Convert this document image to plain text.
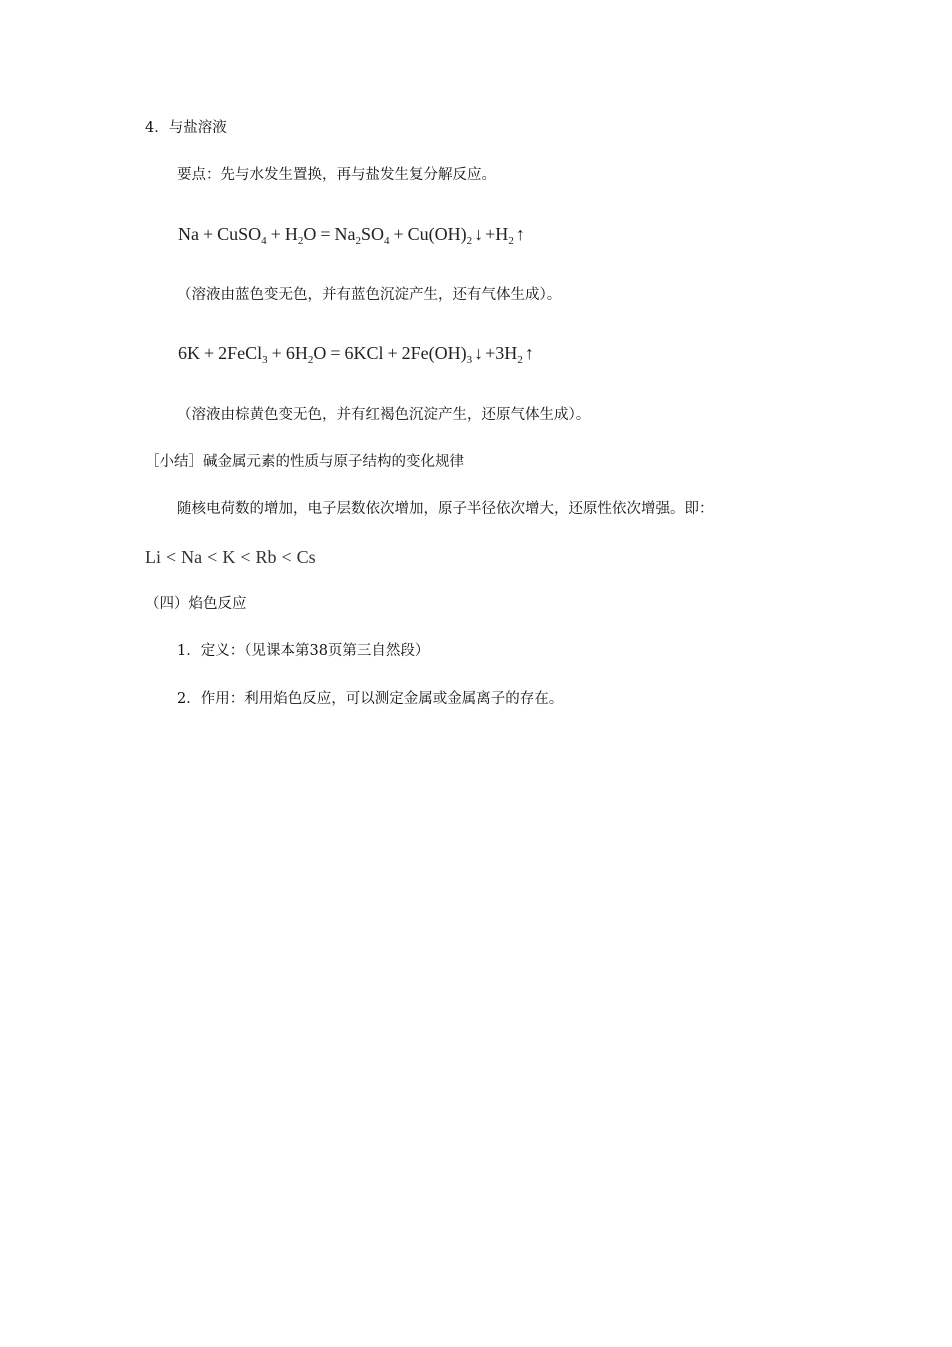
4．与盐溶液
要点：先与水发生置换，再与盐发生复分解反应。
Na + CuSO$_4$ + $H_2O = Na_2SO_4 + Cu(OH)_2$ ↓ $+H_2$ ↑
（溶液由蓝色变无色，并有蓝色沉淀产生，还有气体生成）。
6K + 2FeCl$_3$ + $6H_2O = 6KCl + 2Fe(OH)_3$ ↓ $+3H_2$ ↑
（溶液由棕黄色变无色，并有红褐色沉淀产生，还原气体生成）。
［小结］碱金属元素的性质与原子结构的变化规律
随核电荷数的增加，电子层数依次增加，原子半径依次增大，还原性依次增强。即：
Li < Na < K < Rb < Cs
（四）焰色反应
1．定义：（见课本第38页第三自然段）
2．作用：利用焰色反应，可以测定金属或金属离子的存在。
